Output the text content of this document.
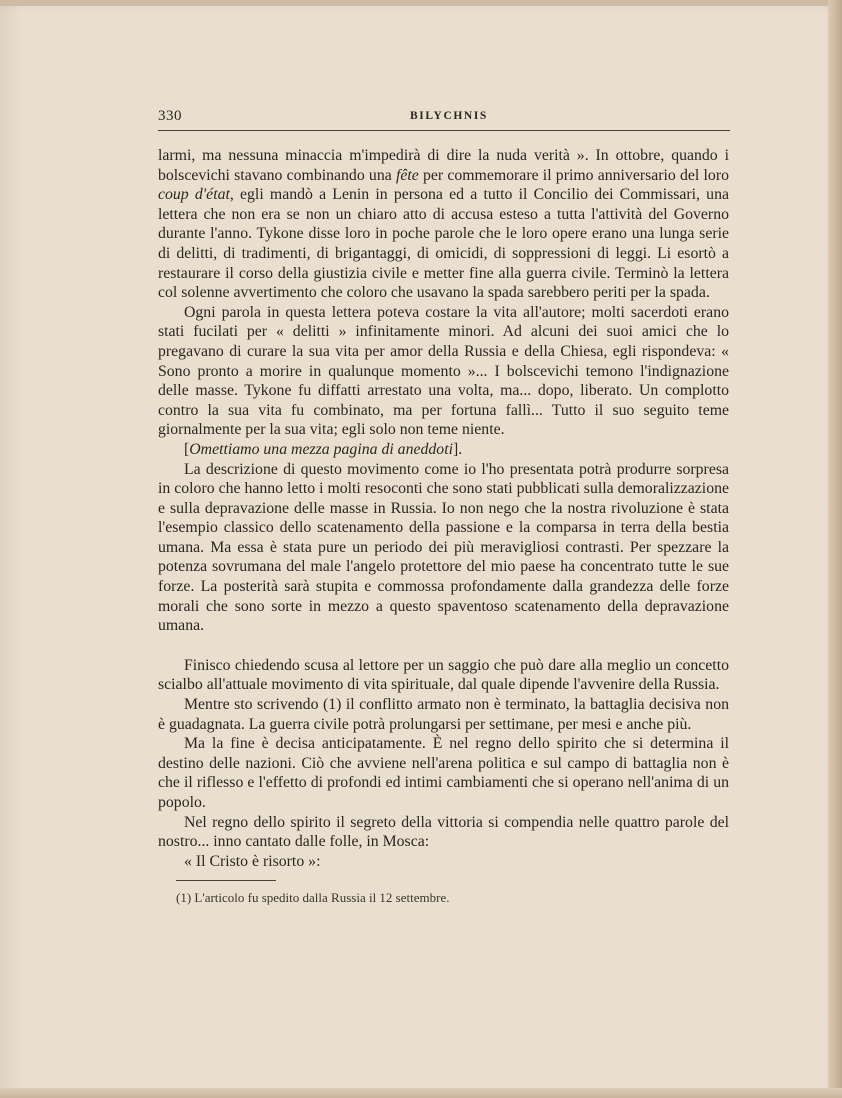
330	BILYCHNIS

larmi, ma nessuna minaccia m'impedirà di dire la nuda verità ». In ottobre, quando i bolscevichi stavano combinando una fête per commemorare il primo anniversario del loro coup d'état, egli mandò a Lenin in persona ed a tutto il Concilio dei Commissari, una lettera che non era se non un chiaro atto di accusa esteso a tutta l'attività del Governo durante l'anno. Tykone disse loro in poche parole che le loro opere erano una lunga serie di delitti, di tradimenti, di brigantaggi, di omicidi, di soppressioni di leggi. Li esortò a restaurare il corso della giustizia civile e metter fine alla guerra civile. Terminò la lettera col solenne avvertimento che coloro che usavano la spada sarebbero periti per la spada.

Ogni parola in questa lettera poteva costare la vita all'autore; molti sacerdoti erano stati fucilati per « delitti » infinitamente minori. Ad alcuni dei suoi amici che lo pregavano di curare la sua vita per amor della Russia e della Chiesa, egli rispondeva: « Sono pronto a morire in qualunque momento »... I bolscevichi temono l'indignazione delle masse. Tykone fu diffatti arrestato una volta, ma... dopo, liberato. Un complotto contro la sua vita fu combinato, ma per fortuna fallì... Tutto il suo seguito teme giornalmente per la sua vita; egli solo non teme niente.

[Omettiamo una mezza pagina di aneddoti].

La descrizione di questo movimento come io l'ho presentata potrà produrre sorpresa in coloro che hanno letto i molti resoconti che sono stati pubblicati sulla demoralizzazione e sulla depravazione delle masse in Russia. Io non nego che la nostra rivoluzione è stata l'esempio classico dello scatenamento della passione e la comparsa in terra della bestia umana. Ma essa è stata pure un periodo dei più meravigliosi contrasti. Per spezzare la potenza sovrumana del male l'angelo protettore del mio paese ha concentrato tutte le sue forze. La posterità sarà stupita e commossa profondamente dalla grandezza delle forze morali che sono sorte in mezzo a questo spaventoso scatenamento della depravazione umana.

Finisco chiedendo scusa al lettore per un saggio che può dare alla meglio un concetto scialbo all'attuale movimento di vita spirituale, dal quale dipende l'avvenire della Russia.

Mentre sto scrivendo (1) il conflitto armato non è terminato, la battaglia decisiva non è guadagnata. La guerra civile potrà prolungarsi per settimane, per mesi e anche più.

Ma la fine è decisa anticipatamente. È nel regno dello spirito che si determina il destino delle nazioni. Ciò che avviene nell'arena politica e sul campo di battaglia non è che il riflesso e l'effetto di profondi ed intimi cambiamenti che si operano nell'anima di un popolo.

Nel regno dello spirito il segreto della vittoria si compendia nelle quattro parole del nostro... inno cantato dalle folle, in Mosca:

« Il Cristo è risorto »:

(1) L'articolo fu spedito dalla Russia il 12 settembre.
